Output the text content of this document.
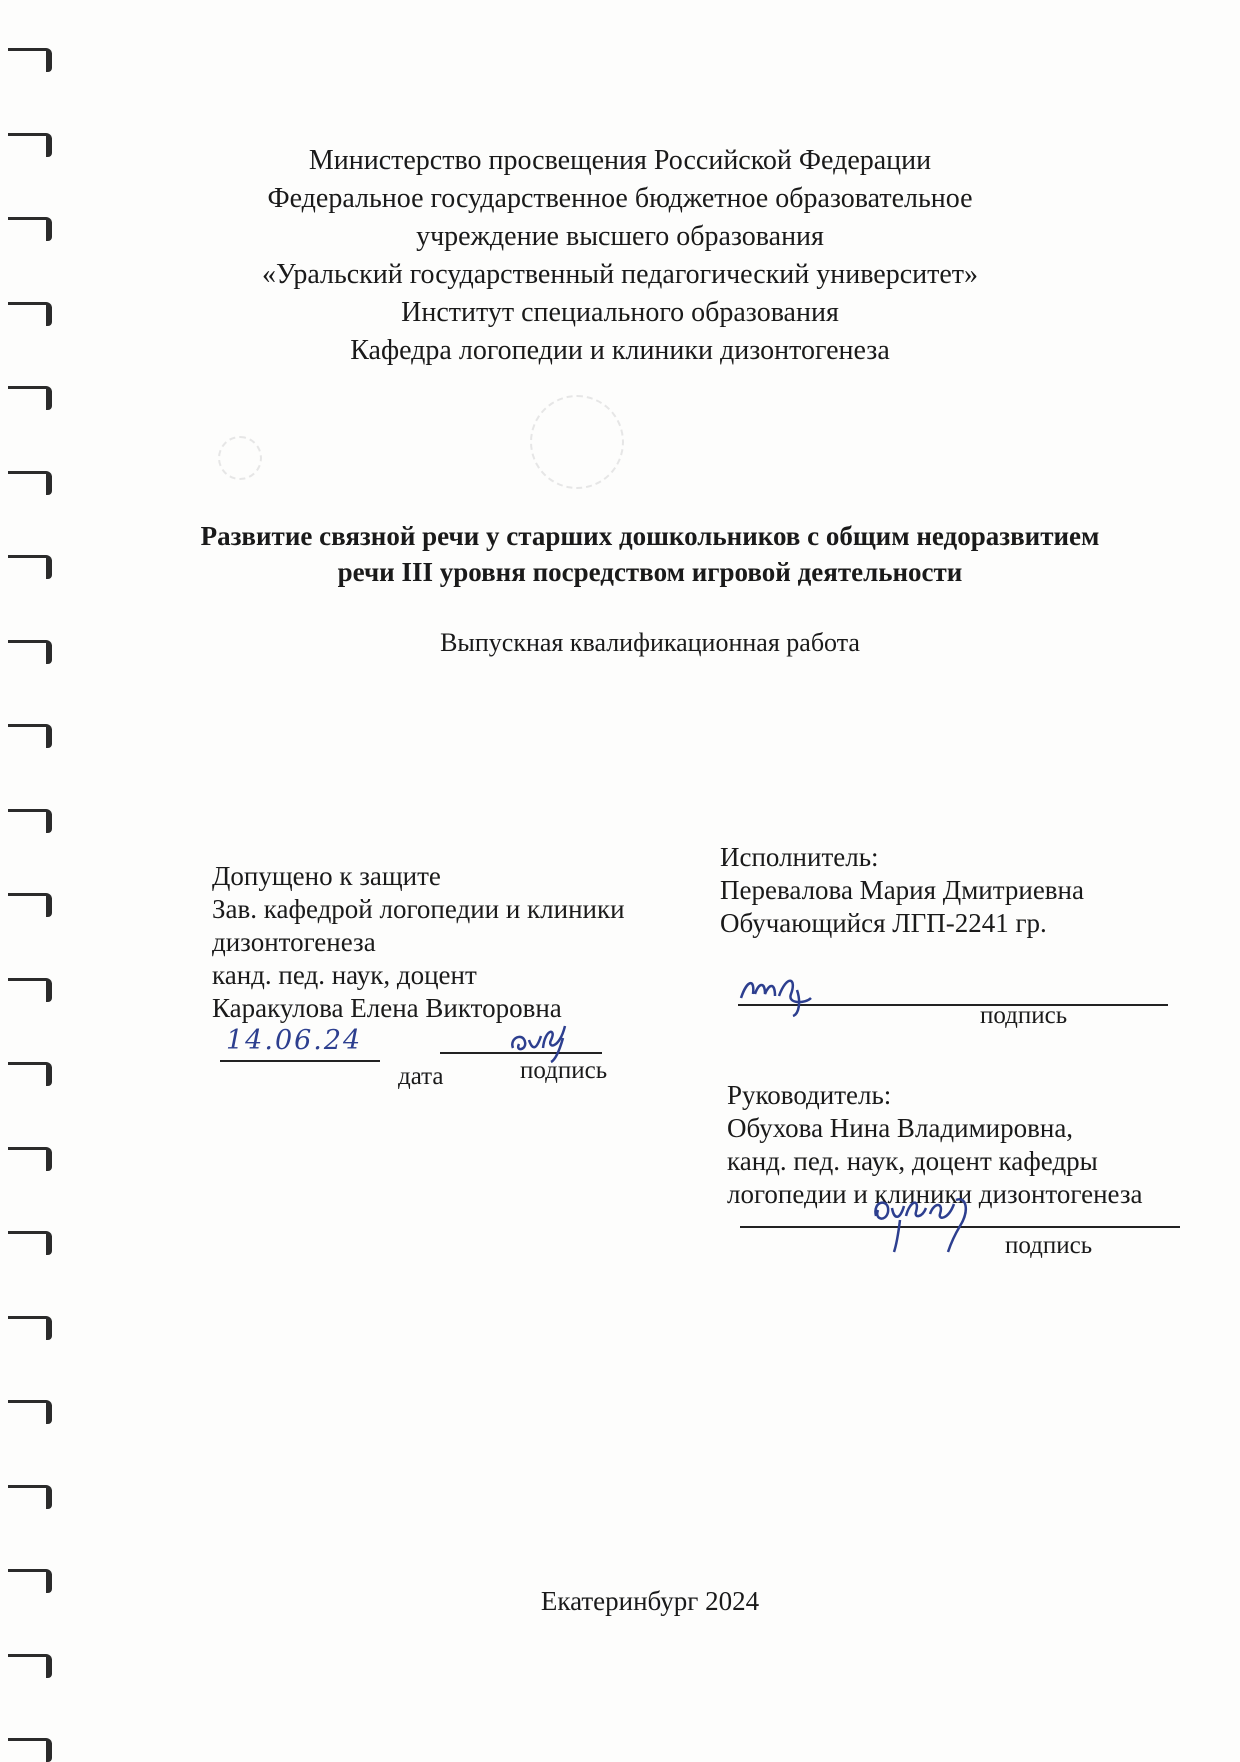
Министерство просвещения Российской Федерации
Федеральное государственное бюджетное образовательное
учреждение высшего образования
«Уральский государственный педагогический университет»
Институт специального образования
Кафедра логопедии и клиники дизонтогенеза
Развитие связной речи у старших дошкольников с общим недоразвитием
речи III уровня посредством игровой деятельности
Выпускная квалификационная работа
Допущено к защите
Зав. кафедрой логопедии и клиники
дизонтогенеза
канд. пед. наук, доцент
Каракулова Елена Викторовна
14.06.24
дата	подпись
Исполнитель:
Перевалова Мария Дмитриевна
Обучающийся ЛГП-2241 гр.
подпись
Руководитель:
Обухова Нина Владимировна,
канд. пед. наук, доцент кафедры
логопедии и клиники дизонтогенеза
подпись
Екатеринбург 2024
